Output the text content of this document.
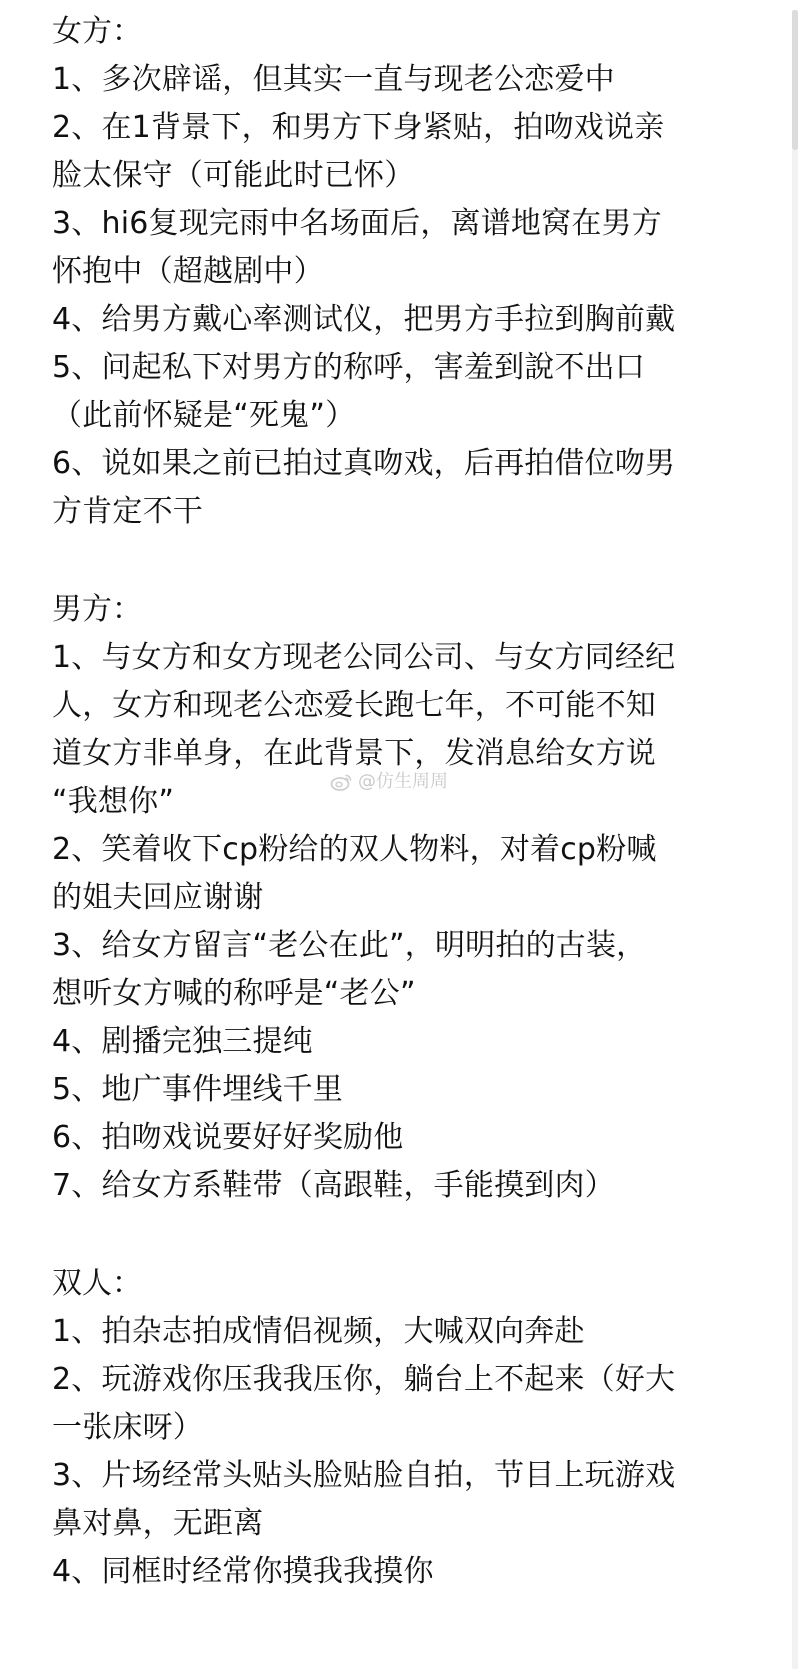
女方：

1、多次辟谣，但其实一直与现老公恋爱中

2、在1背景下，和男方下身紧贴，拍吻戏说亲

脸太保守（可能此时已怀）

3、hi6复现完雨中名场面后，离谱地窝在男方

怀抱中（超越剧中）

4、给男方戴心率测试仪，把男方手拉到胸前戴

5、问起私下对男方的称呼，害羞到說不出口

（此前怀疑是“死鬼”）

6、说如果之前已拍过真吻戏，后再拍借位吻男

方肯定不干

男方：

1、与女方和女方现老公同公司、与女方同经纪

人，女方和现老公恋爱长跑七年，不可能不知

道女方非单身，在此背景下，发消息给女方说

“我想你”

2、笑着收下cp粉给的双人物料，对着cp粉喊

的姐夫回应谢谢

3、给女方留言“老公在此”，明明拍的古装，

想听女方喊的称呼是“老公”

4、剧播完独三提纯

5、地广事件埋线千里

6、拍吻戏说要好好奖励他

7、给女方系鞋带（高跟鞋，手能摸到肉）

双人：

1、拍杂志拍成情侣视频，大喊双向奔赴

2、玩游戏你压我我压你，躺台上不起来（好大

一张床呀）

3、片场经常头贴头脸贴脸自拍，节目上玩游戏

鼻对鼻，无距离

4、同框时经常你摸我我摸你

@仿生周周
